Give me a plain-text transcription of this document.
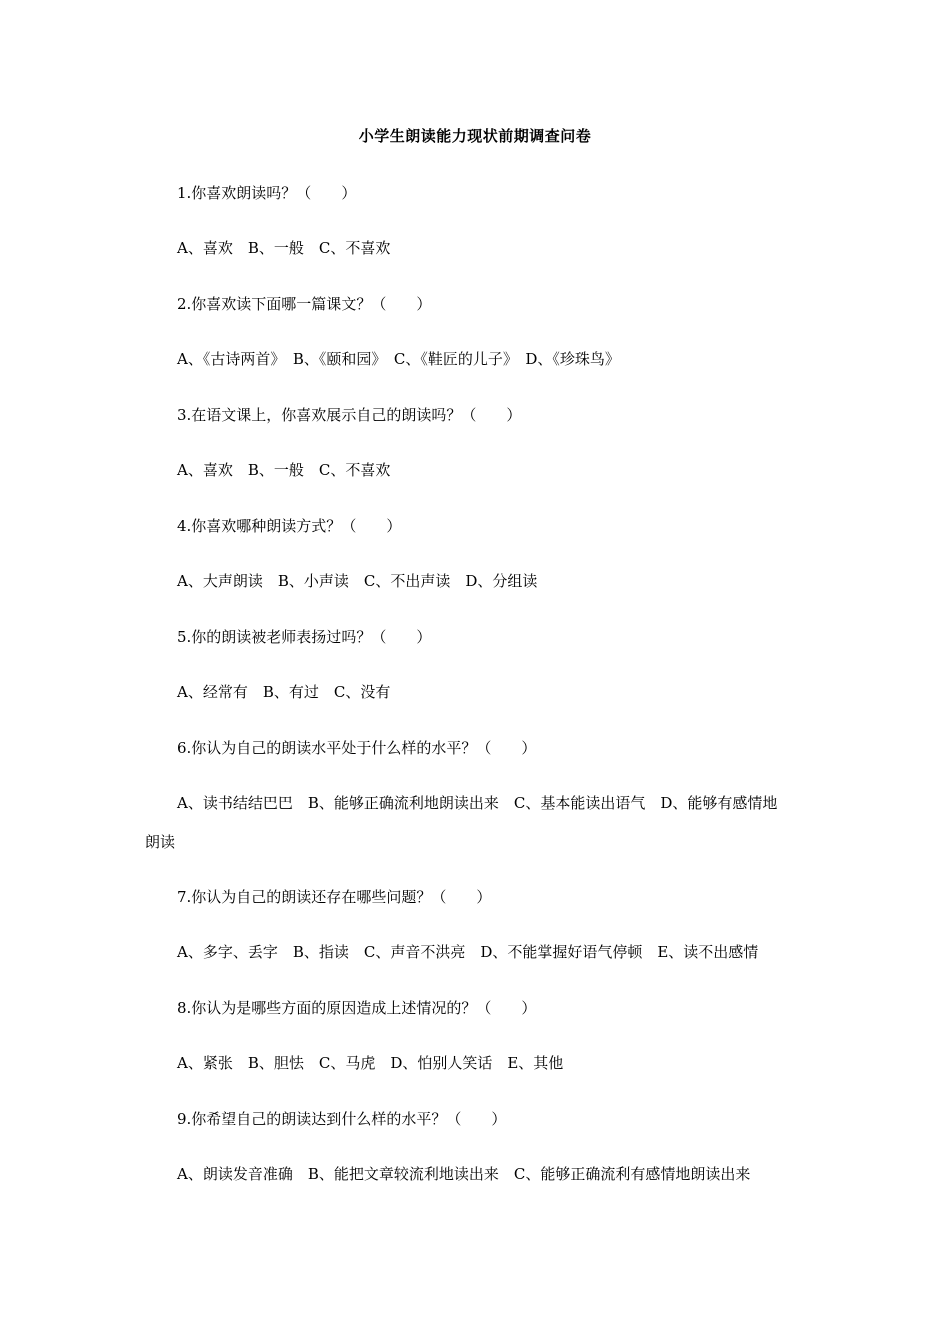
小学生朗读能力现状前期调查问卷
1.你喜欢朗读吗？（　　）
A、喜欢　B、一般　C、不喜欢
2.你喜欢读下面哪一篇课文？（　　）
A、《古诗两首》　B、《颐和园》　C、《鞋匠的儿子》　D、《珍珠鸟》
3.在语文课上，你喜欢展示自己的朗读吗？（　　）
A、喜欢　B、一般　C、不喜欢
4.你喜欢哪种朗读方式？（　　）
A、大声朗读　B、小声读　C、不出声读　D、分组读
5.你的朗读被老师表扬过吗？（　　）
A、经常有　B、有过　C、没有
6.你认为自己的朗读水平处于什么样的水平？（　　）
A、读书结结巴巴　B、能够正确流利地朗读出来　C、基本能读出语气　D、能够有感情地
朗读
7.你认为自己的朗读还存在哪些问题？（　　）
A、多字、丢字　B、指读　C、声音不洪亮　D、不能掌握好语气停顿　E、读不出感情
8.你认为是哪些方面的原因造成上述情况的？（　　）
A、紧张　B、胆怯　C、马虎　D、怕别人笑话　E、其他
9.你希望自己的朗读达到什么样的水平？（　　）
A、朗读发音准确　B、能把文章较流利地读出来　C、能够正确流利有感情地朗读出来
